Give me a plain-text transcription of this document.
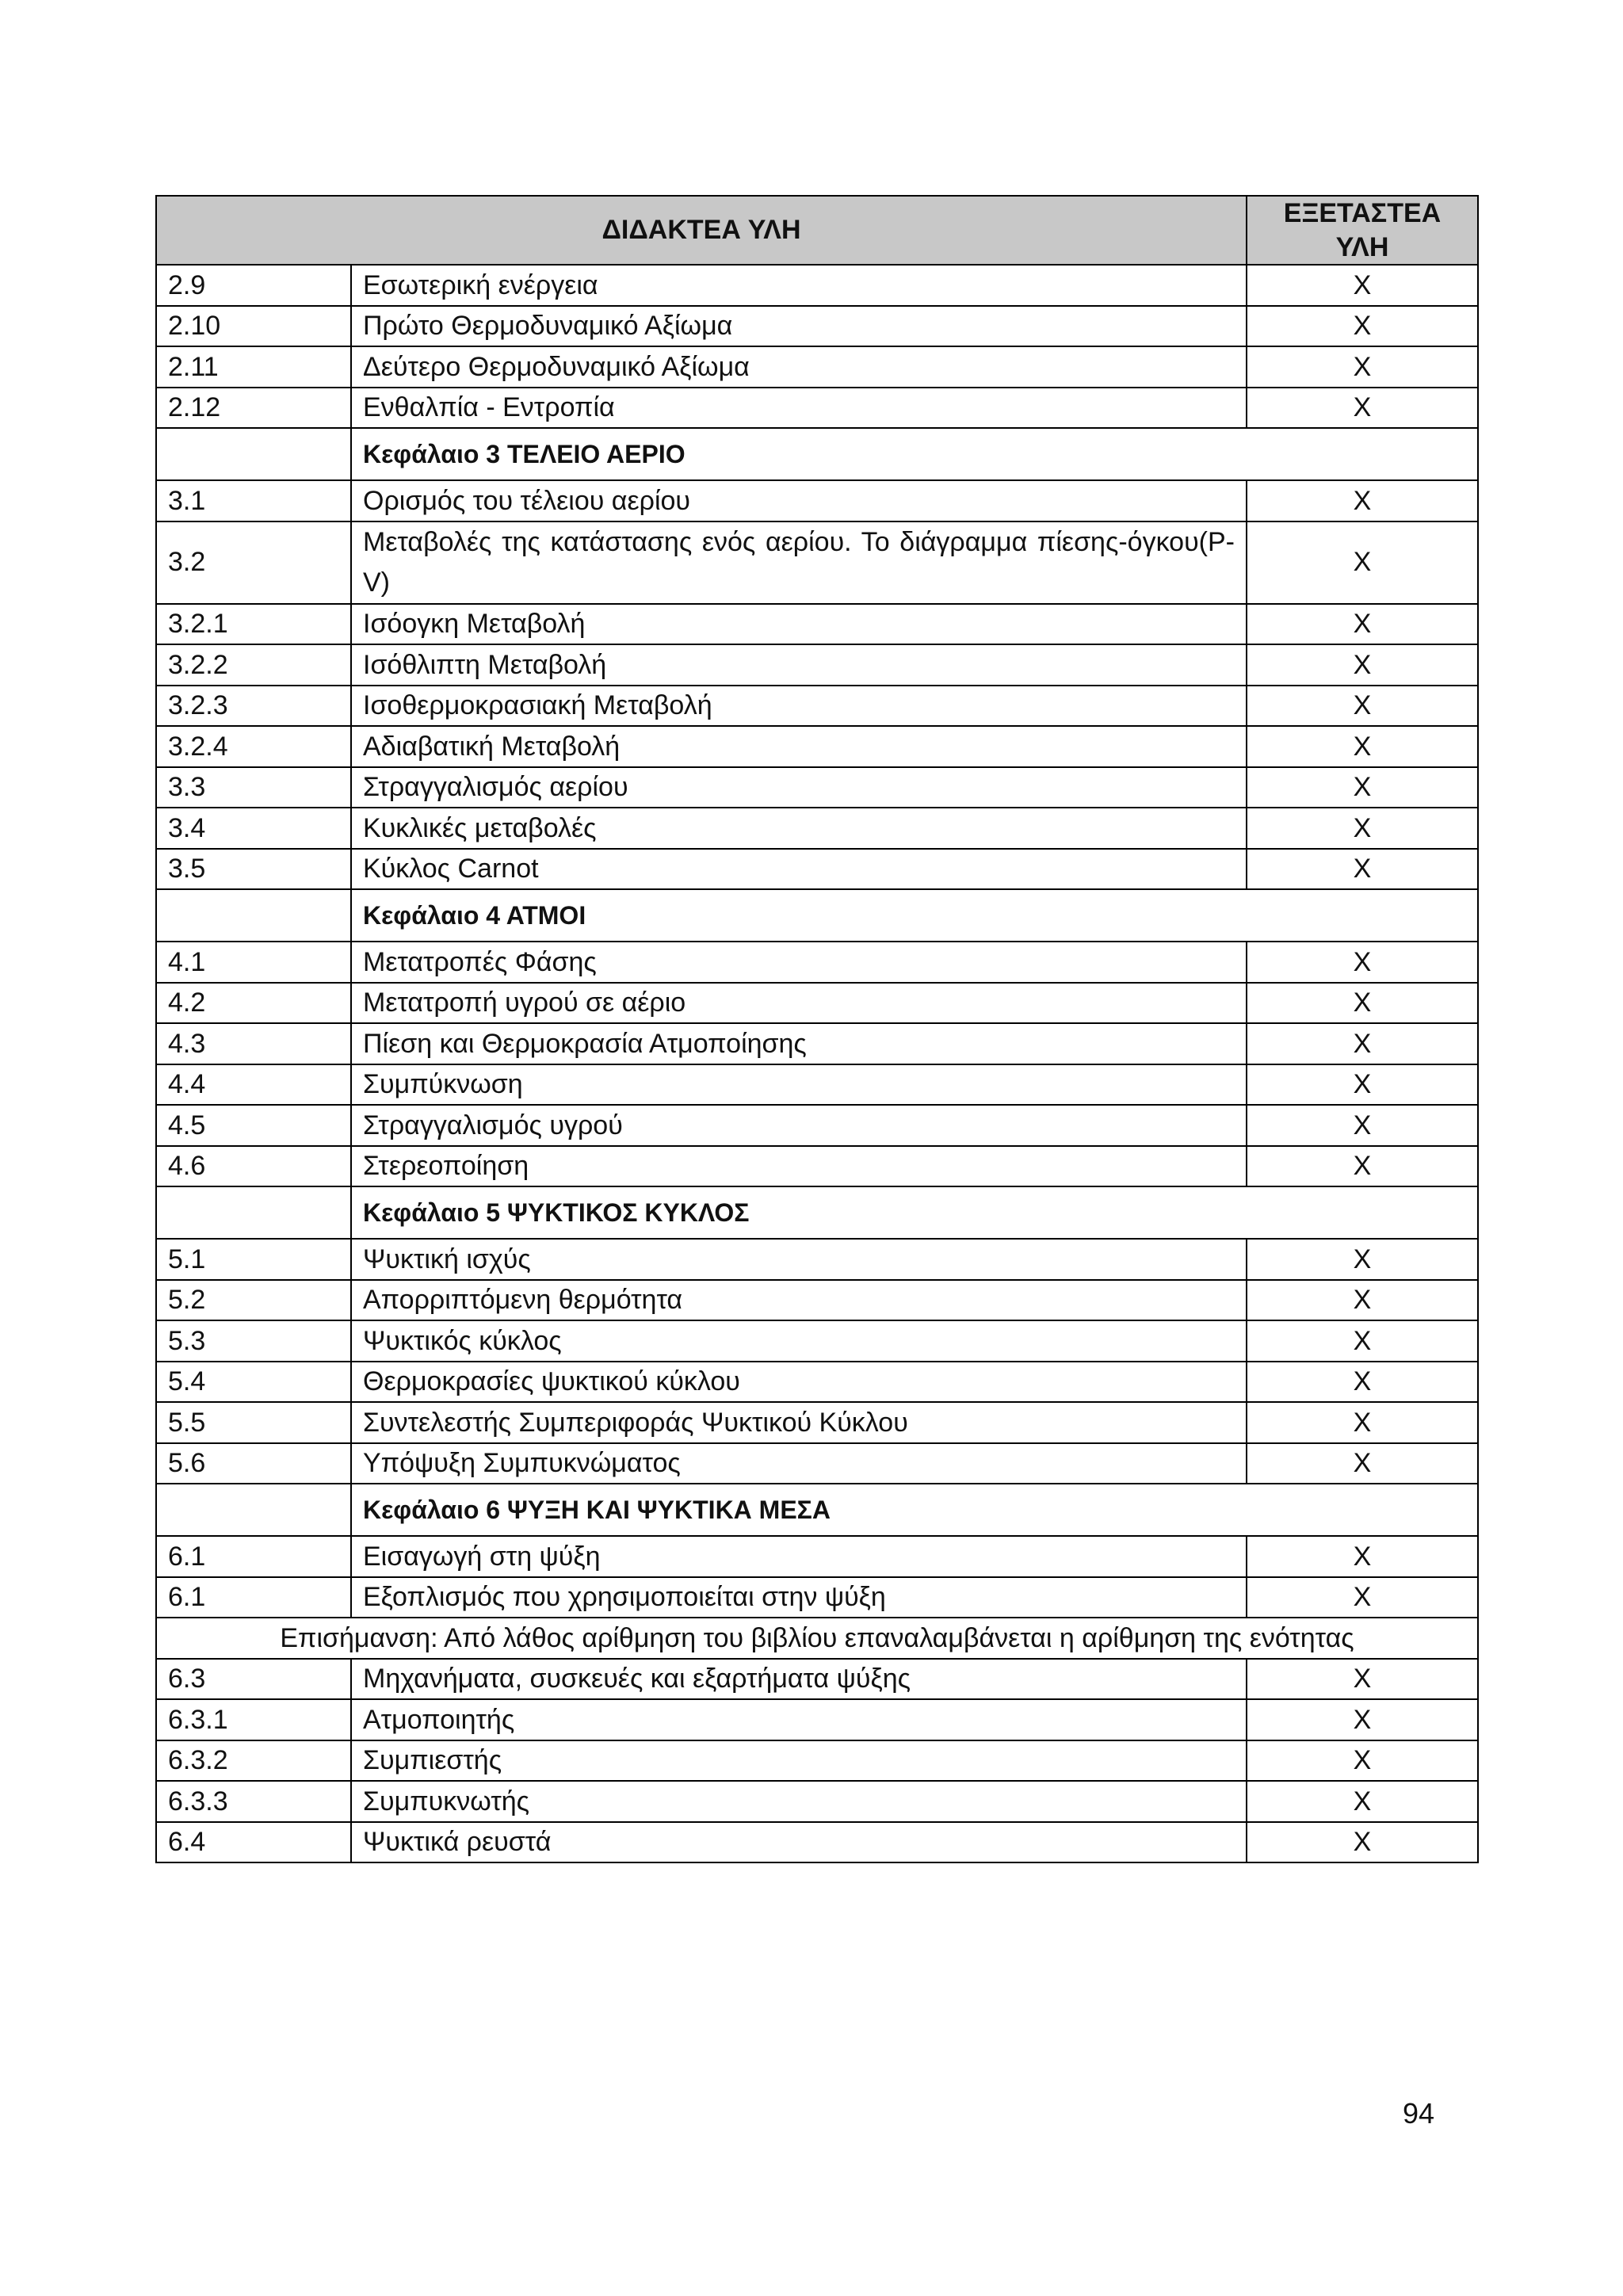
ΔΙΔΑΚΤΕΑ ΥΛΗ		ΕΞΕΤΑΣΤΕΑ ΥΛΗ
2.9	Εσωτερική ενέργεια	X
2.10	Πρώτο Θερμοδυναμικό Αξίωμα	X
2.11	Δεύτερο Θερμοδυναμικό Αξίωμα	X
2.12	Ενθαλπία - Εντροπία	X
	Κεφάλαιο 3 ΤΕΛΕΙΟ ΑΕΡΙΟ	
3.1	Ορισμός του τέλειου αερίου	X
3.2	Μεταβολές της κατάστασης ενός αερίου. Το διάγραμμα πίεσης-όγκου(P-V)	X
3.2.1	Ισόογκη Μεταβολή	X
3.2.2	Ισόθλιπτη Μεταβολή	X
3.2.3	Ισοθερμοκρασιακή Μεταβολή	X
3.2.4	Αδιαβατική Μεταβολή	X
3.3	Στραγγαλισμός αερίου	X
3.4	Κυκλικές μεταβολές	X
3.5	Κύκλος Carnot	X
	Κεφάλαιο 4 ΑΤΜΟΙ	
4.1	Μετατροπές Φάσης	X
4.2	Μετατροπή υγρού σε αέριο	X
4.3	Πίεση και Θερμοκρασία Ατμοποίησης	X
4.4	Συμπύκνωση	X
4.5	Στραγγαλισμός υγρού	X
4.6	Στερεοποίηση	X
	Κεφάλαιο 5 ΨΥΚΤΙΚΟΣ ΚΥΚΛΟΣ	
5.1	Ψυκτική ισχύς	X
5.2	Απορριπτόμενη θερμότητα	X
5.3	Ψυκτικός κύκλος	X
5.4	Θερμοκρασίες ψυκτικού κύκλου	X
5.5	Συντελεστής Συμπεριφοράς Ψυκτικού Κύκλου	X
5.6	Υπόψυξη Συμπυκνώματος	X
	Κεφάλαιο 6 ΨΥΞΗ ΚΑΙ ΨΥΚΤΙΚΑ ΜΕΣΑ	
6.1	Εισαγωγή στη ψύξη	X
6.1	Εξοπλισμός που χρησιμοποιείται στην ψύξη	X
Επισήμανση: Από λάθος αρίθμηση του βιβλίου επαναλαμβάνεται η αρίθμηση της ενότητας		
6.3	Μηχανήματα, συσκευές και εξαρτήματα ψύξης	X
6.3.1	Ατμοποιητής	X
6.3.2	Συμπιεστής	X
6.3.3	Συμπυκνωτής	X
6.4	Ψυκτικά ρευστά	X
94
